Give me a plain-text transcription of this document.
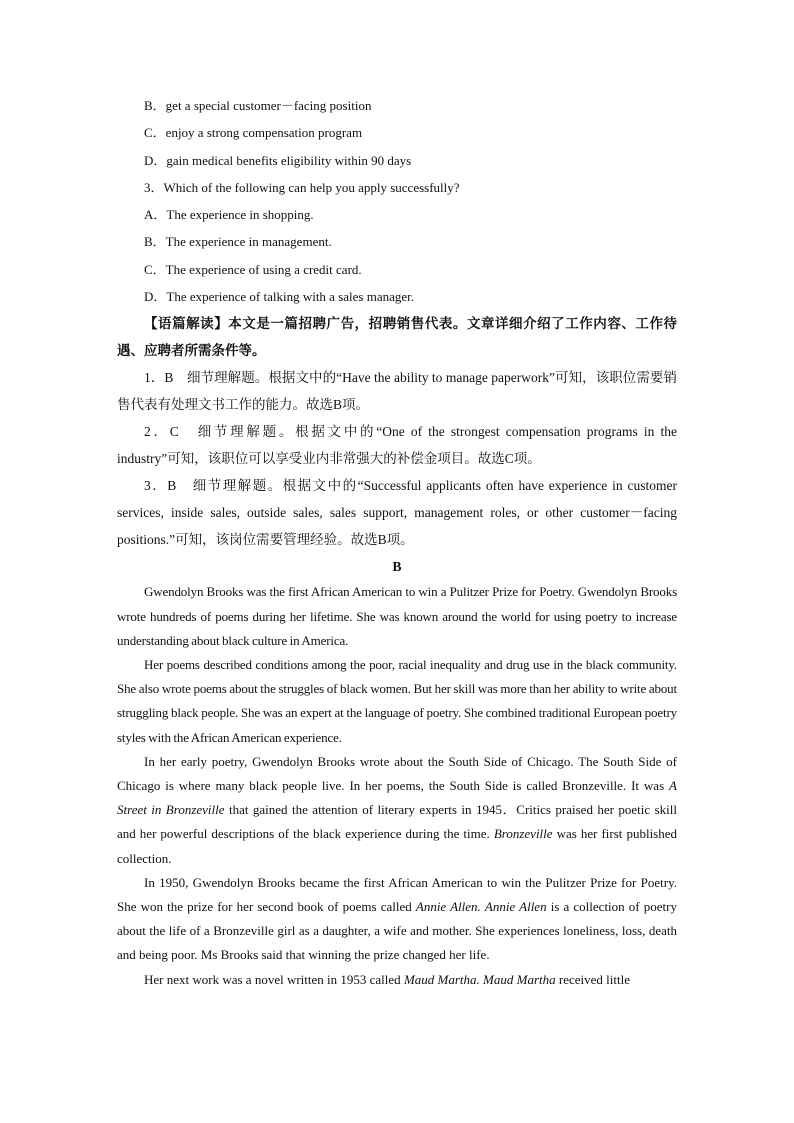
B．get a special customer－facing position
C．enjoy a strong compensation program
D．gain medical benefits eligibility within 90 days
3．Which of the following can help you apply successfully?
A．The experience in shopping.
B．The experience in management.
C．The experience of using a credit card.
D．The experience of talking with a sales manager.
【语篇解读】本文是一篇招聘广告，招聘销售代表。文章详细介绍了工作内容、工作待遇、应聘者所需条件等。
1．B　细节理解题。根据文中的“Have the ability to manage paperwork”可知，该职位需要销售代表有处理文书工作的能力。故选B项。
2．C　细节理解题。根据文中的“One of the strongest compensation programs in the industry”可知，该职位可以享受业内非常强大的补偿金项目。故选C项。
3．B　细节理解题。根据文中的“Successful applicants often have experience in customer services, inside sales, outside sales, sales support, management roles, or other customer－facing positions.”可知，该岗位需要管理经验。故选B项。
B

Gwendolyn Brooks was the first African American to win a Pulitzer Prize for Poetry. Gwendolyn Brooks wrote hundreds of poems during her lifetime. She was known around the world for using poetry to increase understanding about black culture in America.

Her poems described conditions among the poor, racial inequality and drug use in the black community. She also wrote poems about the struggles of black women. But her skill was more than her ability to write about struggling black people. She was an expert at the language of poetry. She combined traditional European poetry styles with the African American experience.

In her early poetry, Gwendolyn Brooks wrote about the South Side of Chicago. The South Side of Chicago is where many black people live. In her poems, the South Side is called Bronzeville. It was A Street in Bronzeville that gained the attention of literary experts in 1945．Critics praised her poetic skill and her powerful descriptions of the black experience during the time. Bronzeville was her first published collection.

In 1950, Gwendolyn Brooks became the first African American to win the Pulitzer Prize for Poetry. She won the prize for her second book of poems called Annie Allen. Annie Allen is a collection of poetry about the life of a Bronzeville girl as a daughter, a wife and mother. She experiences loneliness, loss, death and being poor. Ms Brooks said that winning the prize changed her life.

Her next work was a novel written in 1953 called Maud Martha. Maud Martha received little
